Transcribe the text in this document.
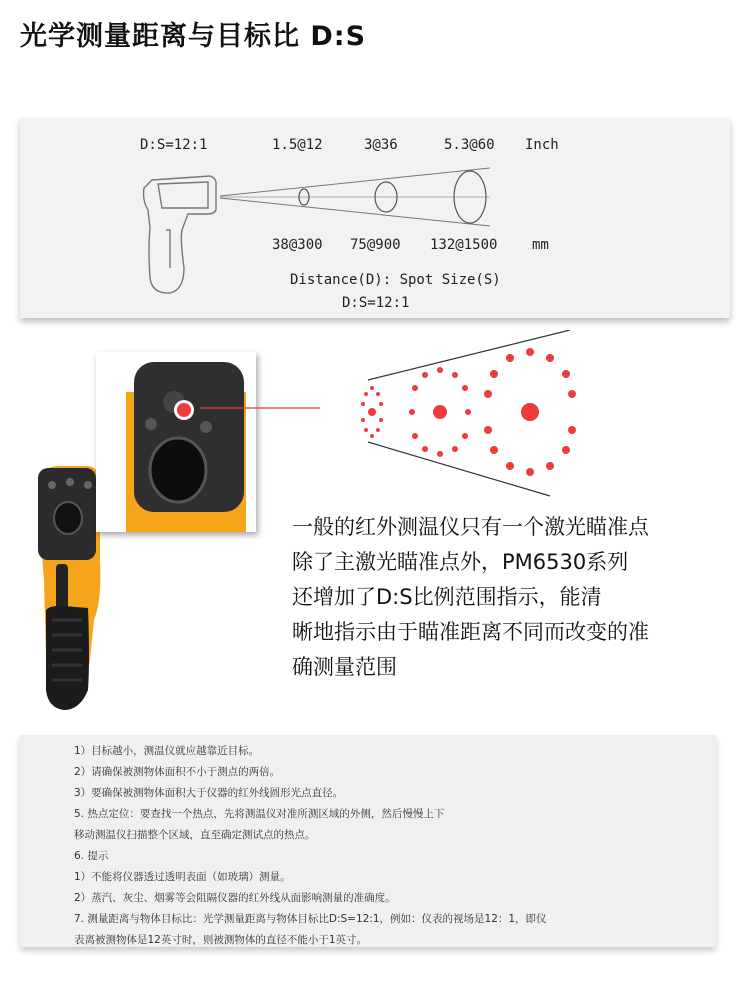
光学测量距离与目标比 D:S
D:S=12:1	1.5@12	3@36	5.3@60 Inch
38@300 75@900 132@1500 mm
Distance(D): Spot Size(S)
D:S=12:1
一般的红外测温仪只有一个激光瞄准点
除了主激光瞄准点外，PM6530系列
还增加了D:S比例范围指示，能清
晰地指示由于瞄准距离不同而改变的准
确测量范围
1）目标越小，测温仪就应越靠近目标。
2）请确保被测物体面积不小于测点的两倍。
3）要确保被测物体面积大于仪器的红外线圆形光点直径。
5. 热点定位：要查找一个热点，先将测温仪对准所测区域的外侧，然后慢慢上下
移动测温仪扫描整个区域，直至确定测试点的热点。
6. 提示
1）不能将仪器透过透明表面（如玻璃）测量。
2）蒸汽、灰尘、烟雾等会阻隔仪器的红外线从面影响测量的准确度。
7. 测量距离与物体目标比：光学测量距离与物体目标比D:S=12:1，例如：仪表的视场是12：1，即仪
表离被测物体是12英寸时，则被测物体的直径不能小于1英寸。
